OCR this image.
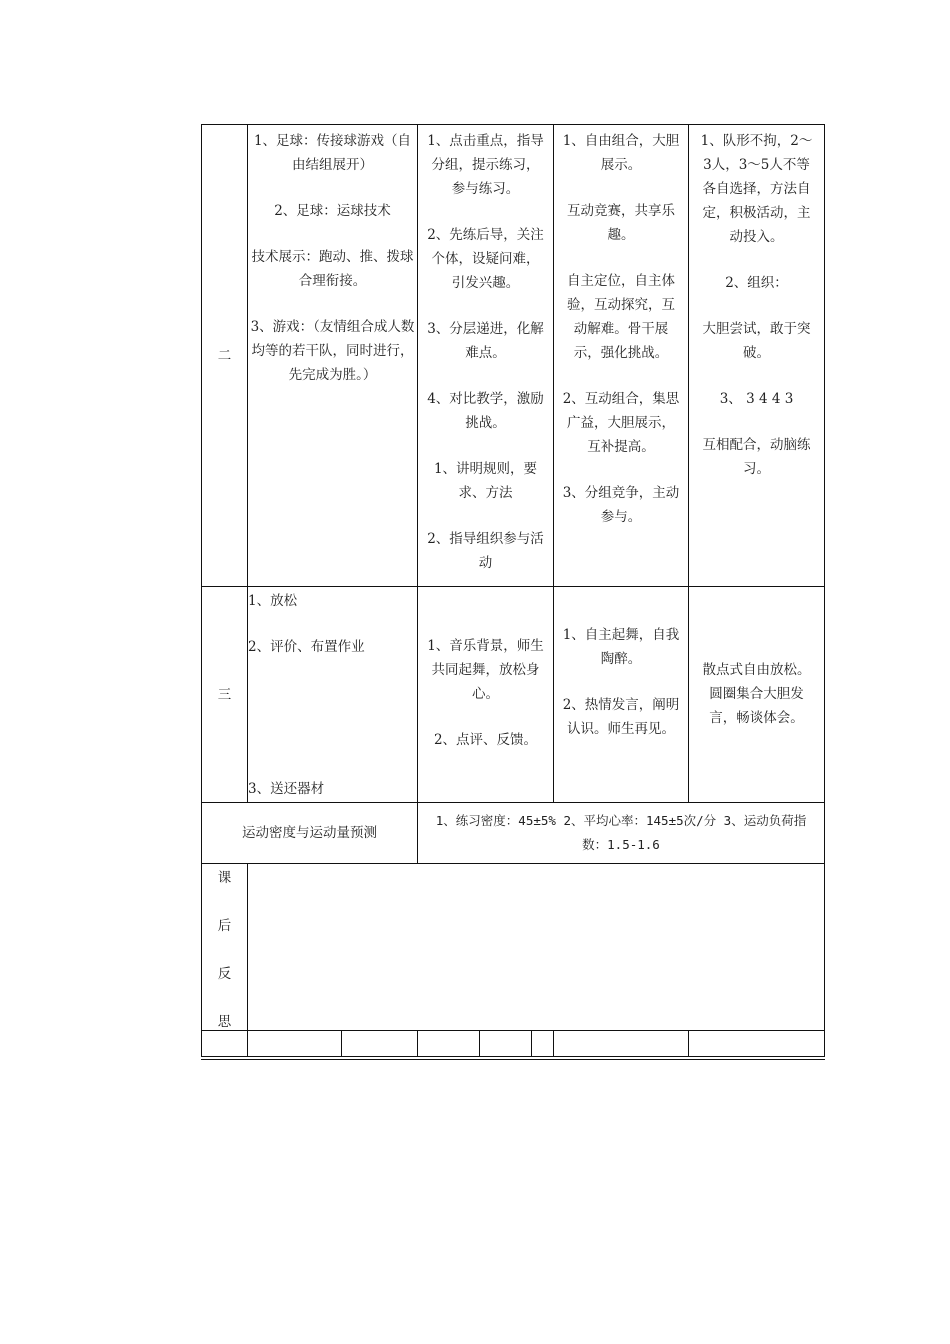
二

1、足球：传接球游戏（自由结组展开）

2、足球：运球技术

技术展示：跑动、推、拨球合理衔接。

3、游戏：（友情组合成人数均等的若干队，同时进行，先完成为胜。）

1、点击重点，指导分组，提示练习，参与练习。

2、先练后导，关注个体，设疑问难，引发兴趣。

3、分层递进，化解难点。

4、对比教学，激励挑战。

1、讲明规则，要求、方法

2、指导组织参与活动

1、自由组合，大胆展示。

互动竞赛，共享乐趣。

自主定位，自主体验，互动探究，互动解难。骨干展示，强化挑战。

2、互动组合，集思广益，大胆展示，互补提高。

3、分组竞争，主动参与。

1、队形不拘，2～3人，3～5人不等各自选择，方法自定，积极活动，主动投入。

2、组织：

大胆尝试，敢于突破。

3、 3 4 4 3

互相配合，动脑练习。

三

1、放松

2、评价、布置作业

3、送还器材

1、音乐背景，师生共同起舞，放松身心。

2、点评、反馈。

1、自主起舞，自我陶醉。

2、热情发言，阐明认识。师生再见。

散点式自由放松。圆圈集合大胆发言，畅谈体会。

运动密度与运动量预测
1、练习密度：45±5% 2、平均心率：145±5次/分 3、运动负荷指数：1.5-1.6
课
后
反
思
